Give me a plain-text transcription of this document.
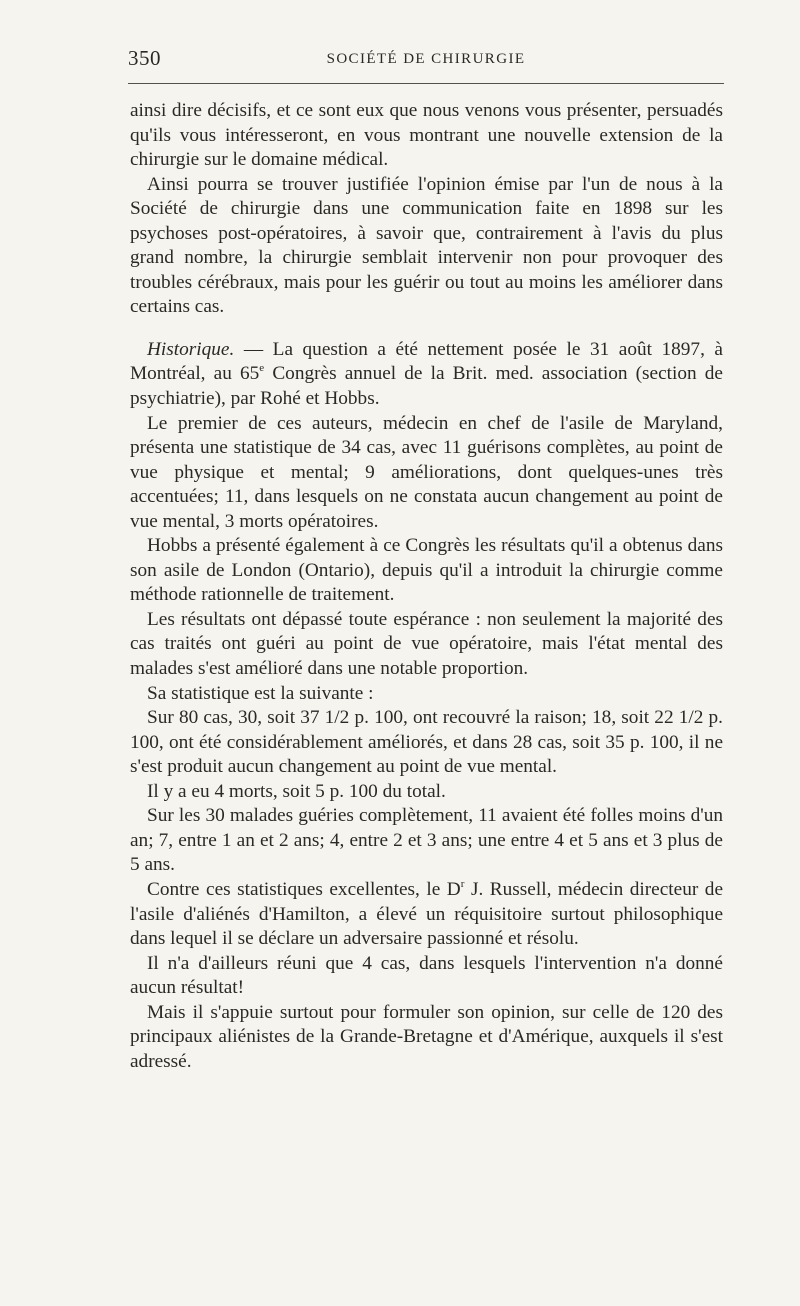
350	SOCIÉTÉ DE CHIRURGIE

ainsi dire décisifs, et ce sont eux que nous venons vous présenter, persuadés qu'ils vous intéresseront, en vous montrant une nouvelle extension de la chirurgie sur le domaine médical.

Ainsi pourra se trouver justifiée l'opinion émise par l'un de nous à la Société de chirurgie dans une communication faite en 1898 sur les psychoses post-opératoires, à savoir que, contrairement à l'avis du plus grand nombre, la chirurgie semblait intervenir non pour provoquer des troubles cérébraux, mais pour les guérir ou tout au moins les améliorer dans certains cas.

Historique. — La question a été nettement posée le 31 août 1897, à Montréal, au 65e Congrès annuel de la Brit. med. association (section de psychiatrie), par Rohé et Hobbs.

Le premier de ces auteurs, médecin en chef de l'asile de Maryland, présenta une statistique de 34 cas, avec 11 guérisons complètes, au point de vue physique et mental; 9 améliorations, dont quelques-unes très accentuées; 11, dans lesquels on ne constata aucun changement au point de vue mental, 3 morts opératoires.

Hobbs a présenté également à ce Congrès les résultats qu'il a obtenus dans son asile de London (Ontario), depuis qu'il a introduit la chirurgie comme méthode rationnelle de traitement.

Les résultats ont dépassé toute espérance : non seulement la majorité des cas traités ont guéri au point de vue opératoire, mais l'état mental des malades s'est amélioré dans une notable proportion.

Sa statistique est la suivante :

Sur 80 cas, 30, soit 37 1/2 p. 100, ont recouvré la raison; 18, soit 22 1/2 p. 100, ont été considérablement améliorés, et dans 28 cas, soit 35 p. 100, il ne s'est produit aucun changement au point de vue mental.

Il y a eu 4 morts, soit 5 p. 100 du total.

Sur les 30 malades guéries complètement, 11 avaient été folles moins d'un an; 7, entre 1 an et 2 ans; 4, entre 2 et 3 ans; une entre 4 et 5 ans et 3 plus de 5 ans.

Contre ces statistiques excellentes, le $D^r$ J. Russell, médecin directeur de l'asile d'aliénés d'Hamilton, a élevé un réquisitoire surtout philosophique dans lequel il se déclare un adversaire passionné et résolu.

Il n'a d'ailleurs réuni que 4 cas, dans lesquels l'intervention n'a donné aucun résultat!

Mais il s'appuie surtout pour formuler son opinion, sur celle de 120 des principaux aliénistes de la Grande-Bretagne et d'Amérique, auxquels il s'est adressé.
